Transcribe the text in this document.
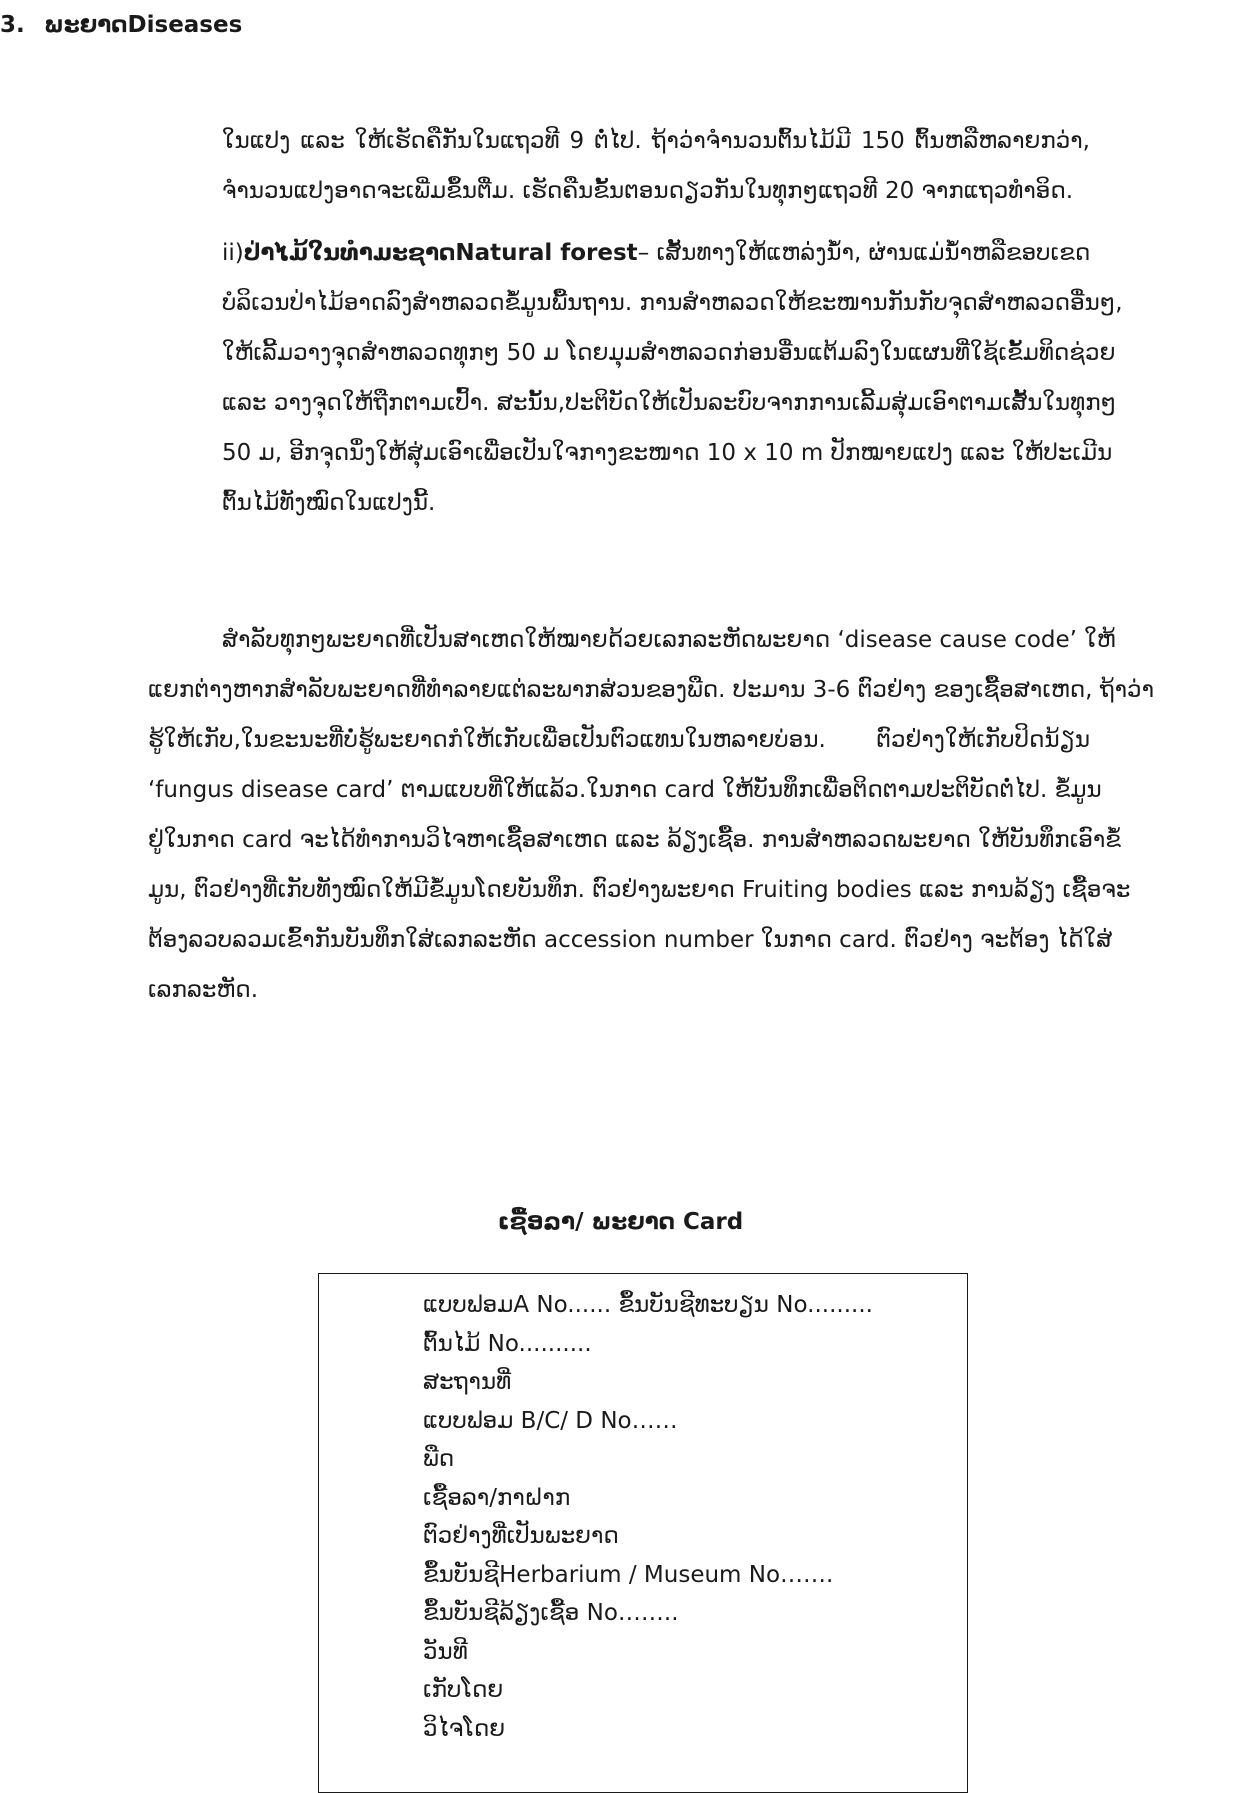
ໃນແປງ ແລະ ໃຫ້ເຮັດຄືກັນໃນແຖວທີ 9 ຕໍ່ໄປ. ຖ້າວ່າຈຳນວນຕົ້ນໄມ້ມີ 150 ຕົ້ນຫລືຫລາຍກວ່າ,
ຈຳນວນແປງອາດຈະເພີ່ມຂຶ້ນຕື່ມ. ເຮັດຄືນຂັ້ນຕອນດຽວກັນໃນທຸກໆແຖວທີ 20 ຈາກແຖວທຳອິດ.
ii) ປ່າໄມ້ໃນທຳມະຊາດNatural forest – ເສັ້ນທາງໃຫ້ແຫລ່ງນ້ຳ, ຜ່ານແມ່ນ້ຳຫລືຂອບເຂດ
ບໍລິເວນປ່າໄມ້ອາດລົງສຳຫລວດຂໍ້ມູນພື້ນຖານ. ການສຳຫລວດໃຫ້ຂະໜານກັນກັບຈຸດສຳຫລວດອື່ນໆ,
ໃຫ້ເລີ້ມວາງຈຸດສຳຫລວດທຸກໆ 50 ມ ໂດຍມຸມສຳຫລວດກ່ອນອື່ນແຕ້ມລົງໃນແຜນທີ່ໃຊ້ເຂັ້ມທິດຊ່ວຍ
ແລະ ວາງຈຸດໃຫ້ຖືກຕາມເປົ້າ. ສະນັ້ນ,ປະຕິບັດໃຫ້ເປັນລະບົບຈາກການເລີ້ມສຸ່ມເອົາຕາມເສັ້ນໃນທຸກໆ
50 ມ, ອີກຈຸດນຶ່ງໃຫ້ສຸ່ມເອົາເພື່ອເປັນໃຈກາງຂະໜາດ 10 x 10 m ປັກໝາຍແປງ ແລະ ໃຫ້ປະເມີນ
ຕົ້ນໄມ້ທັງໝົດໃນແປງນີ້.
3. ພະຍາດDiseases
ສຳລັບທຸກໆພະຍາດທີ່ເປັນສາເຫດໃຫ້ໝາຍດ້ວຍເລກລະຫັດພະຍາດ ‘disease cause code’ ໃຫ້
ແຍກຕ່າງຫາກສຳລັບພະຍາດທີ່ທຳລາຍແຕ່ລະພາກສ່ວນຂອງພືດ. ປະມານ 3-6 ຕົວຢ່າງ ຂອງເຊື້ອສາເຫດ, ຖ້າວ່າ
ຮູ້ໃຫ້ເກັບ,ໃນຂະນະທີ່ບໍ່ຮູ້ພະຍາດກໍໃຫ້ເກັບເພື່ອເປັນຕົວແທນໃນຫລາຍບ່ອນ. ຕົວຢ່າງໃຫ້ເກັບປິດນ້ຽນ
‘fungus disease card’ ຕາມແບບທີ່ໃຫ້ແລ້ວ.ໃນກາດ card ໃຫ້ບັນທຶກເພື່ອຕິດຕາມປະຕິບັດຕໍ່ໄປ. ຂໍ້ມູນ
ຢູ່ໃນກາດ card ຈະໄດ້ທຳການວິໄຈຫາເຊື້ອສາເຫດ ແລະ ລ້ຽງເຊື້ອ. ການສຳຫລວດພະຍາດ ໃຫ້ບັນທຶກເອົາຂໍ້
ມູນ, ຕົວຢ່າງທີ່ເກັບທັງໝົດໃຫ້ມີຂໍ້ມູນໂດຍບັນທຶກ. ຕົວຢ່າງພະຍາດ Fruiting bodies ແລະ ການລ້ຽງ ເຊື້ອຈະ
ຕ້ອງລວບລວມເຂົ້າກັນບັນທຶກໃສ່ເລກລະຫັດ accession number ໃນກາດ card. ຕົວຢ່າງ ຈະຕ້ອງ ໄດ້ໃສ່
ເລກລະຫັດ.
ເຊື້ອລາ/ ພະຍາດ Card
ແບບຟອມA No...... ຂຶ້ນບັນຊີທະບຽນ No.........
ຕົ້ນໄມ້ No..........
ສະຖານທີ່
ແບບຟອມ B/C/ D No……
ພືດ
ເຊື້ອລາ/ກາຝາກ
ຕົວຢ່າງທີ່ເປັນພະຍາດ
ຂຶ້ນບັນຊີHerbarium / Museum No…….
ຂຶ້ນບັນຊີລ້ຽງເຊື້ອ No……..
ວັນທີ
ເກັບໂດຍ
ວິໄຈໂດຍ
